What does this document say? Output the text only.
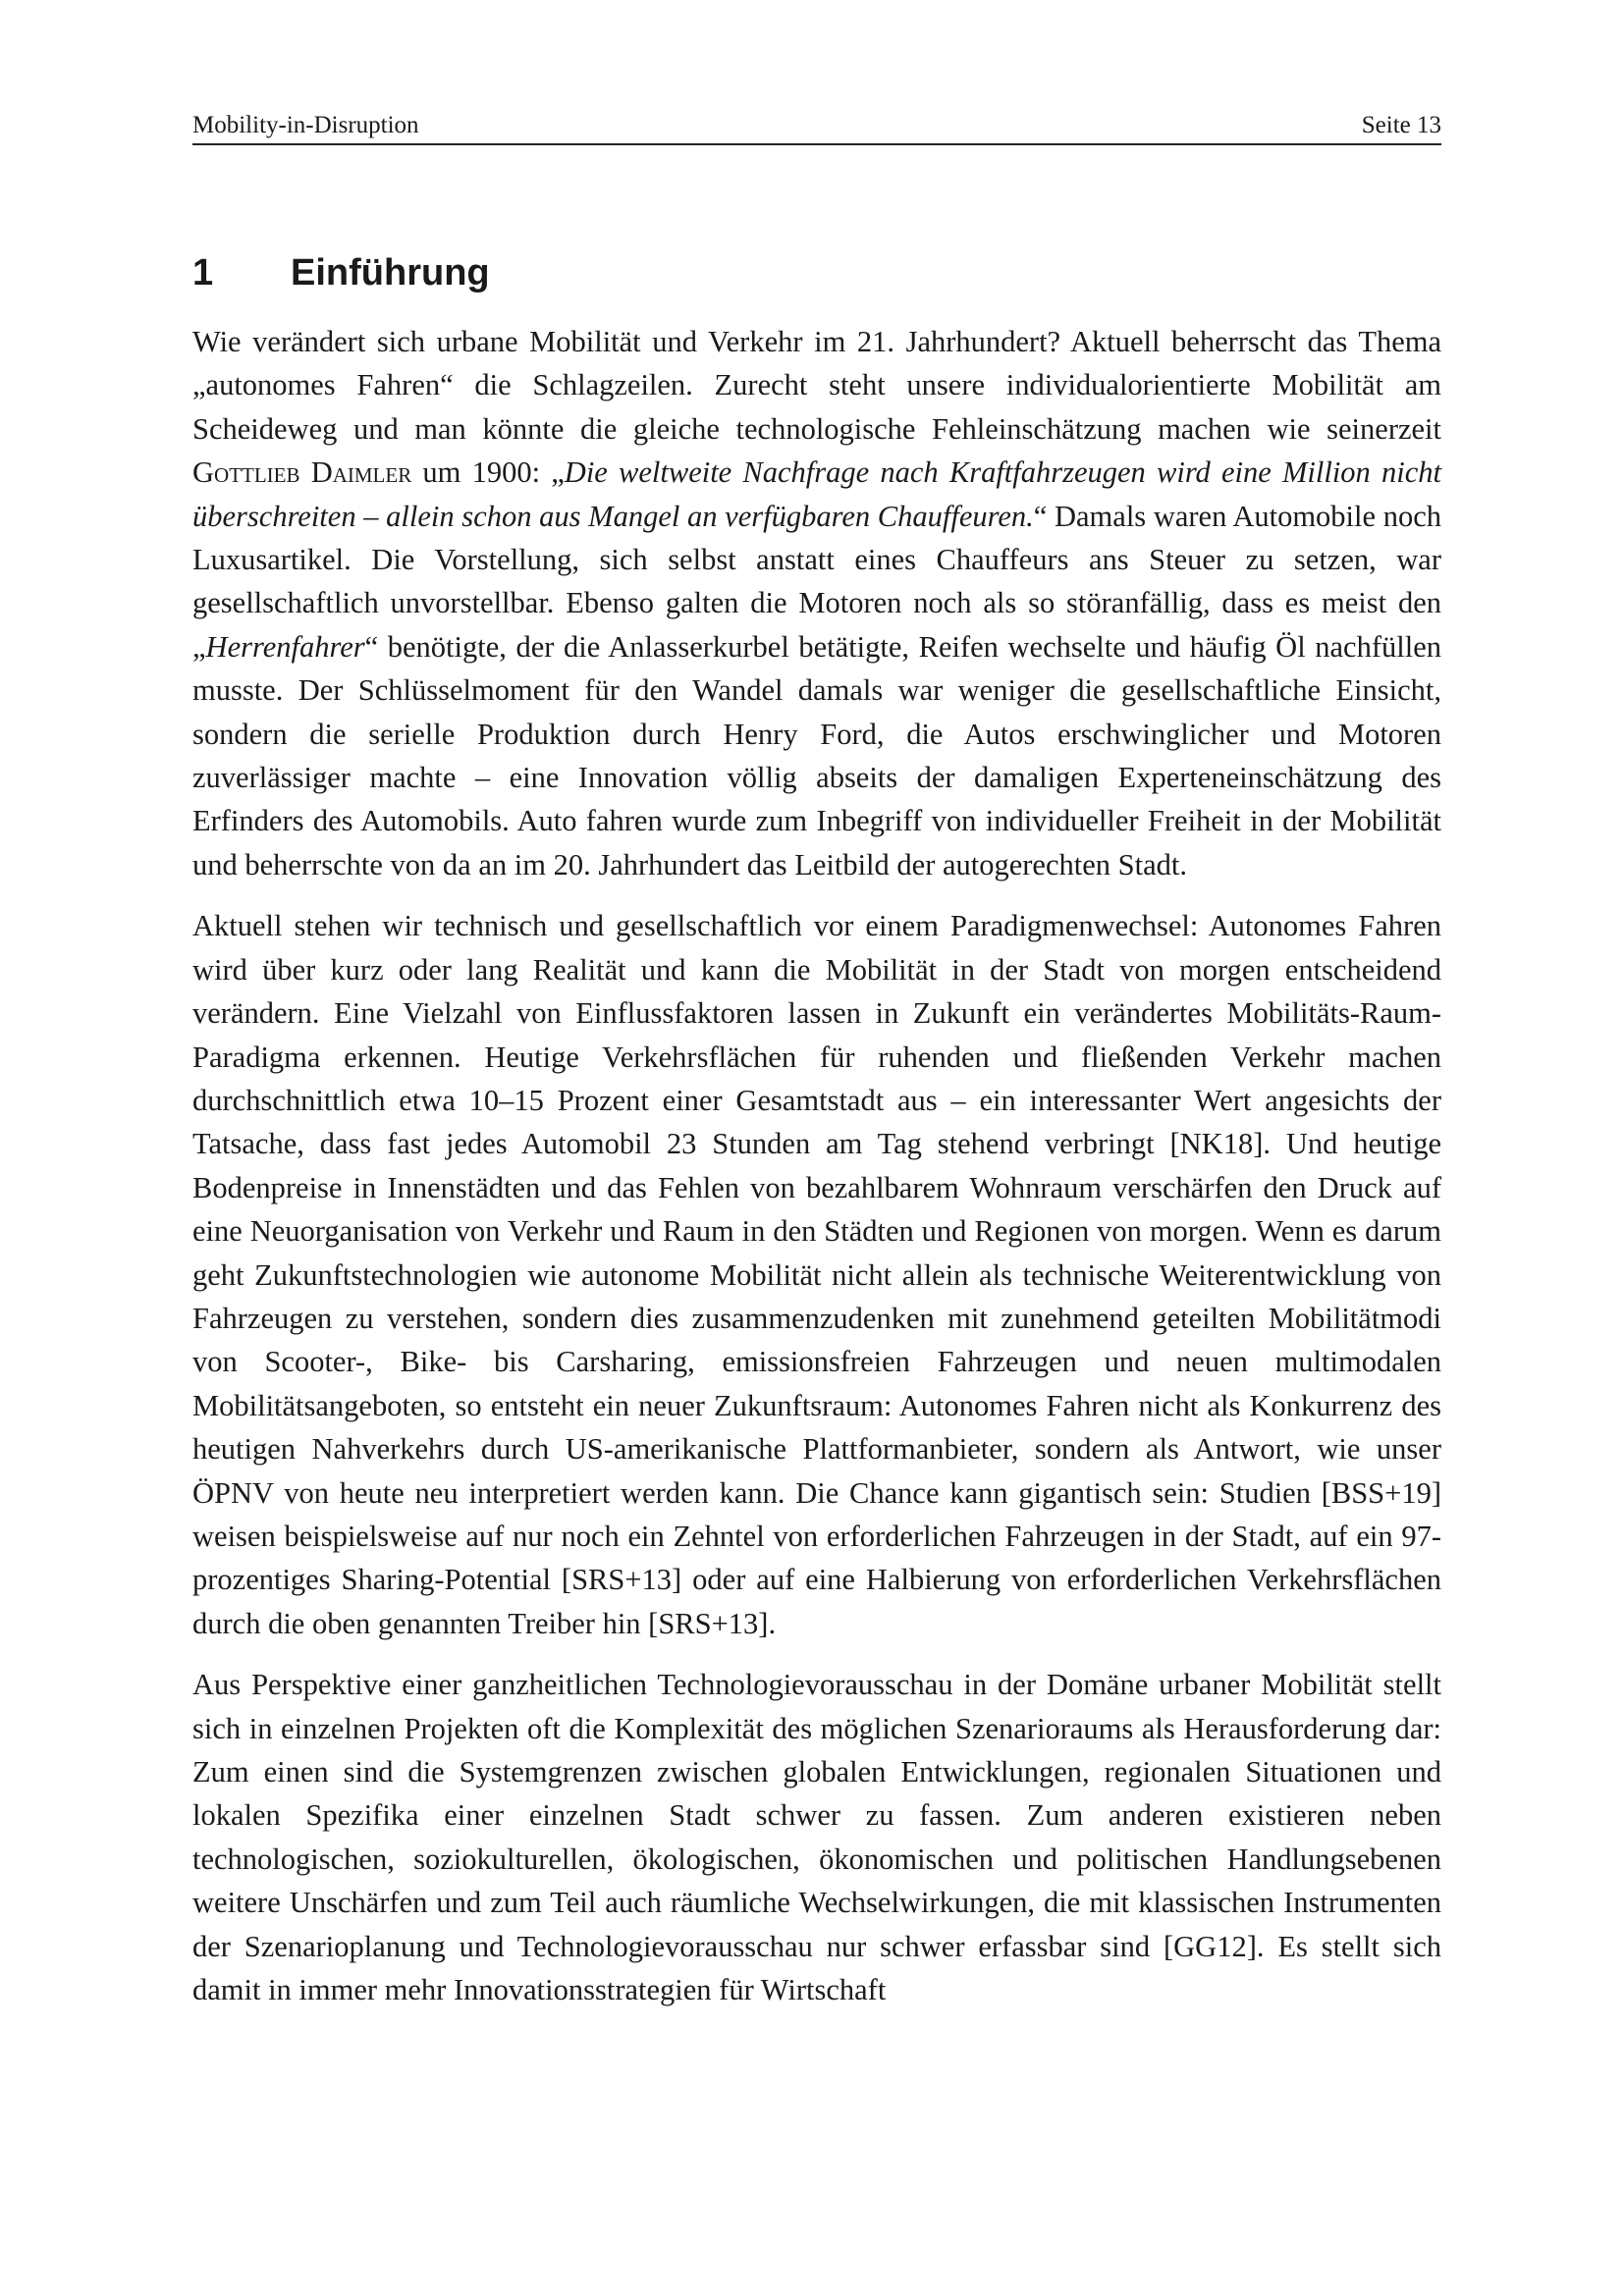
Mobility-in-Disruption	Seite 13
1 Einführung

Wie verändert sich urbane Mobilität und Verkehr im 21. Jahrhundert? Aktuell beherrscht das Thema „autonomes Fahren“ die Schlagzeilen. Zurecht steht unsere individualorientierte Mobilität am Scheideweg und man könnte die gleiche technologische Fehleinschätzung machen wie seinerzeit Gottlieb Daimler um 1900: „Die weltweite Nachfrage nach Kraftfahrzeugen wird eine Million nicht überschreiten – allein schon aus Mangel an verfügbaren Chauffeuren.“ Damals waren Automobile noch Luxusartikel. Die Vorstellung, sich selbst anstatt eines Chauffeurs ans Steuer zu setzen, war gesellschaftlich unvorstellbar. Ebenso galten die Motoren noch als so störanfällig, dass es meist den „Herrenfahrer“ benötigte, der die Anlasserkurbel betätigte, Reifen wechselte und häufig Öl nachfüllen musste. Der Schlüsselmoment für den Wandel damals war weniger die gesellschaftliche Einsicht, sondern die serielle Produktion durch Henry Ford, die Autos erschwinglicher und Motoren zuverlässiger machte – eine Innovation völlig abseits der damaligen Experteneinschätzung des Erfinders des Automobils. Auto fahren wurde zum Inbegriff von individueller Freiheit in der Mobilität und beherrschte von da an im 20. Jahrhundert das Leitbild der autogerechten Stadt.

Aktuell stehen wir technisch und gesellschaftlich vor einem Paradigmenwechsel: Autonomes Fahren wird über kurz oder lang Realität und kann die Mobilität in der Stadt von morgen entscheidend verändern. Eine Vielzahl von Einflussfaktoren lassen in Zukunft ein verändertes Mobilitäts-Raum-Paradigma erkennen. Heutige Verkehrsflächen für ruhenden und fließenden Verkehr machen durchschnittlich etwa 10–15 Prozent einer Gesamtstadt aus – ein interessanter Wert angesichts der Tatsache, dass fast jedes Automobil 23 Stunden am Tag stehend verbringt [NK18]. Und heutige Bodenpreise in Innenstädten und das Fehlen von bezahlbarem Wohnraum verschärfen den Druck auf eine Neuorganisation von Verkehr und Raum in den Städten und Regionen von morgen. Wenn es darum geht Zukunftstechnologien wie autonome Mobilität nicht allein als technische Weiterentwicklung von Fahrzeugen zu verstehen, sondern dies zusammenzudenken mit zunehmend geteilten Mobilitätmodi von Scooter-, Bike- bis Carsharing, emissionsfreien Fahrzeugen und neuen multimodalen Mobilitätsangeboten, so entsteht ein neuer Zukunftsraum: Autonomes Fahren nicht als Konkurrenz des heutigen Nahverkehrs durch US-amerikanische Plattformanbieter, sondern als Antwort, wie unser ÖPNV von heute neu interpretiert werden kann. Die Chance kann gigantisch sein: Studien [BSS+19] weisen beispielsweise auf nur noch ein Zehntel von erforderlichen Fahrzeugen in der Stadt, auf ein 97-prozentiges Sharing-Potential [SRS+13] oder auf eine Halbierung von erforderlichen Verkehrsflächen durch die oben genannten Treiber hin [SRS+13].

Aus Perspektive einer ganzheitlichen Technologievorausschau in der Domäne urbaner Mobilität stellt sich in einzelnen Projekten oft die Komplexität des möglichen Szenarioraums als Herausforderung dar: Zum einen sind die Systemgrenzen zwischen globalen Entwicklungen, regionalen Situationen und lokalen Spezifika einer einzelnen Stadt schwer zu fassen. Zum anderen existieren neben technologischen, soziokulturellen, ökologischen, ökonomischen und politischen Handlungsebenen weitere Unschärfen und zum Teil auch räumliche Wechselwirkungen, die mit klassischen Instrumenten der Szenarioplanung und Technologievorausschau nur schwer erfassbar sind [GG12]. Es stellt sich damit in immer mehr Innovationsstrategien für Wirtschaft
